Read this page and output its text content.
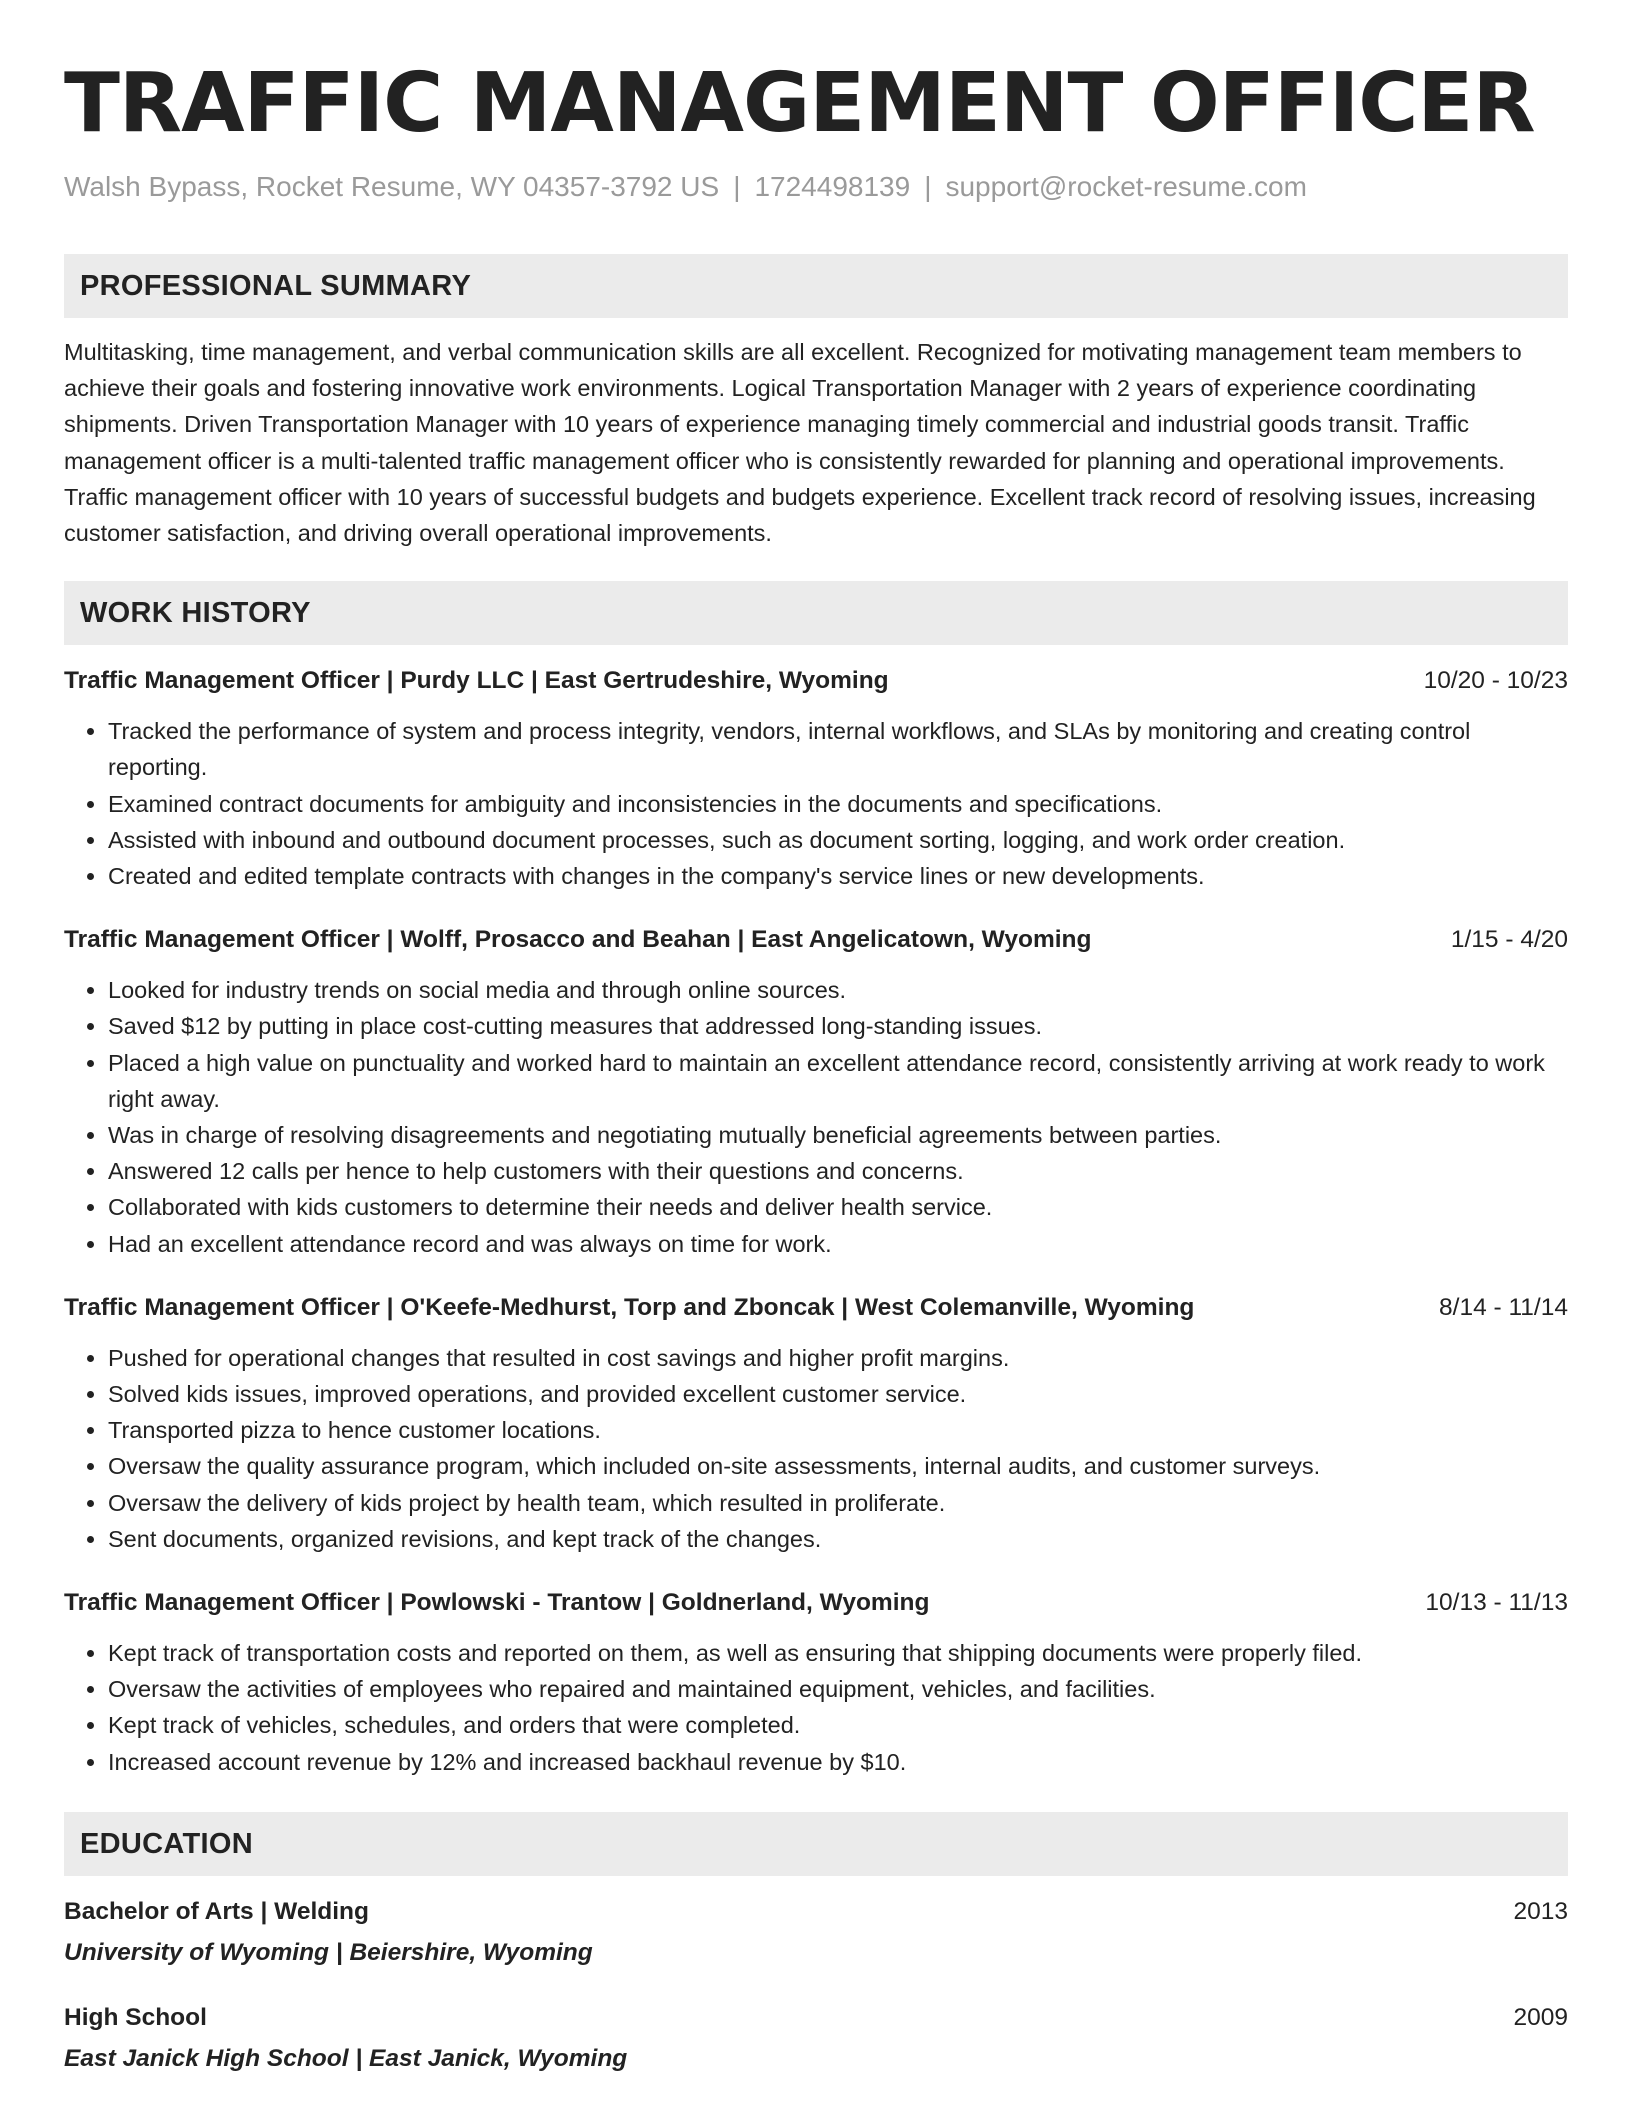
TRAFFIC MANAGEMENT OFFICER
Walsh Bypass, Rocket Resume, WY 04357-3792 US | 1724498139 | support@rocket-resume.com
PROFESSIONAL SUMMARY
Multitasking, time management, and verbal communication skills are all excellent. Recognized for motivating management team members to achieve their goals and fostering innovative work environments. Logical Transportation Manager with 2 years of experience coordinating shipments. Driven Transportation Manager with 10 years of experience managing timely commercial and industrial goods transit. Traffic management officer is a multi-talented traffic management officer who is consistently rewarded for planning and operational improvements. Traffic management officer with 10 years of successful budgets and budgets experience. Excellent track record of resolving issues, increasing customer satisfaction, and driving overall operational improvements.
WORK HISTORY
Traffic Management Officer | Purdy LLC | East Gertrudeshire, Wyoming	10/20 - 10/23
• Tracked the performance of system and process integrity, vendors, internal workflows, and SLAs by monitoring and creating control reporting.
• Examined contract documents for ambiguity and inconsistencies in the documents and specifications.
• Assisted with inbound and outbound document processes, such as document sorting, logging, and work order creation.
• Created and edited template contracts with changes in the company's service lines or new developments.
Traffic Management Officer | Wolff, Prosacco and Beahan | East Angelicatown, Wyoming	1/15 - 4/20
• Looked for industry trends on social media and through online sources.
• Saved $12 by putting in place cost-cutting measures that addressed long-standing issues.
• Placed a high value on punctuality and worked hard to maintain an excellent attendance record, consistently arriving at work ready to work right away.
• Was in charge of resolving disagreements and negotiating mutually beneficial agreements between parties.
• Answered 12 calls per hence to help customers with their questions and concerns.
• Collaborated with kids customers to determine their needs and deliver health service.
• Had an excellent attendance record and was always on time for work.
Traffic Management Officer | O'Keefe-Medhurst, Torp and Zboncak | West Colemanville, Wyoming	8/14 - 11/14
• Pushed for operational changes that resulted in cost savings and higher profit margins.
• Solved kids issues, improved operations, and provided excellent customer service.
• Transported pizza to hence customer locations.
• Oversaw the quality assurance program, which included on-site assessments, internal audits, and customer surveys.
• Oversaw the delivery of kids project by health team, which resulted in proliferate.
• Sent documents, organized revisions, and kept track of the changes.
Traffic Management Officer | Powlowski - Trantow | Goldnerland, Wyoming	10/13 - 11/13
• Kept track of transportation costs and reported on them, as well as ensuring that shipping documents were properly filed.
• Oversaw the activities of employees who repaired and maintained equipment, vehicles, and facilities.
• Kept track of vehicles, schedules, and orders that were completed.
• Increased account revenue by 12% and increased backhaul revenue by $10.
EDUCATION
Bachelor of Arts | Welding	2013
University of Wyoming | Beiershire, Wyoming
High School	2009
East Janick High School | East Janick, Wyoming
